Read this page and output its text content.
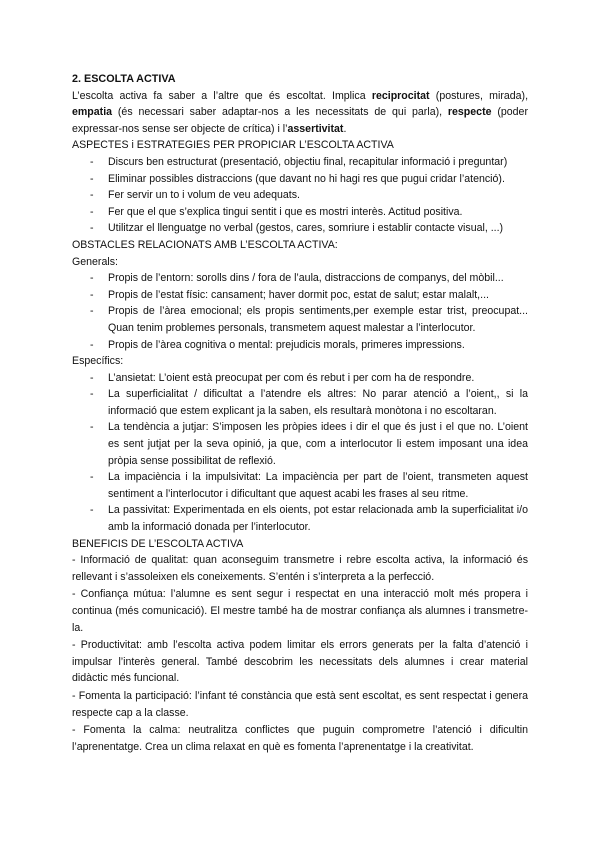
2. ESCOLTA ACTIVA

L’escolta activa fa saber a l’altre que és escoltat. Implica reciprocitat (postures, mirada), empatia (és necessari saber adaptar-nos a les necessitats de qui parla), respecte (poder expressar-nos sense ser objecte de crítica) i l’assertivitat.

ASPECTES i ESTRATEGIES PER PROPICIAR L’ESCOLTA ACTIVA

- Discurs ben estructurat (presentació, objectiu final, recapitular informació i preguntar)
- Eliminar possibles distraccions (que davant no hi hagi res que pugui cridar l’atenció).
- Fer servir un to i volum de veu adequats.
- Fer que el que s’explica tingui sentit i que es mostri interès. Actitud positiva.
- Utilitzar el llenguatge no verbal (gestos, cares, somriure i establir contacte visual, ...)

OBSTACLES RELACIONATS AMB L’ESCOLTA ACTIVA:

Generals:

- Propis de l’entorn: sorolls dins / fora de l’aula, distraccions de companys, del mòbil...
- Propis de l’estat físic: cansament; haver dormit poc, estat de salut; estar malalt,...
- Propis de l’àrea emocional; els propis sentiments,per exemple estar trist, preocupat... Quan tenim problemes personals, transmetem aquest malestar a l’interlocutor.
- Propis de l’àrea cognitiva o mental: prejudicis morals, primeres impressions.

Específics:

- L’ansietat: L’oient està preocupat per com és rebut i per com ha de respondre.
- La superficialitat / dificultat a l’atendre els altres: No parar atenció a l’oient,, si la informació que estem explicant ja la saben, els resultarà monòtona i no escoltaran.
- La tendència a jutjar: S’imposen les pròpies idees i dir el que és just i el que no. L’oient es sent jutjat per la seva opinió, ja que, com a interlocutor li estem imposant una idea pròpia sense possibilitat de reflexió.
- La impaciència i la impulsivitat: La impaciència per part de l’oient, transmeten aquest sentiment a l’interlocutor i dificultant que aquest acabi les frases al seu ritme.
- La passivitat: Experimentada en els oients, pot estar relacionada amb la superficialitat i/o amb la informació donada per l’interlocutor.

BENEFICIS DE L’ESCOLTA ACTIVA

- Informació de qualitat: quan aconseguim transmetre i rebre escolta activa, la informació és rellevant i s’assoleixen els coneixements. S’entén i s’interpreta a la perfecció.

- Confiança mútua: l’alumne es sent segur i respectat en una interacció molt més propera i continua (més comunicació). El mestre també ha de mostrar confiança als alumnes i transmetre-la.

- Productivitat: amb l’escolta activa podem limitar els errors generats per la falta d’atenció i impulsar l’interès general. També descobrim les necessitats dels alumnes i crear material didàctic més funcional.

- Fomenta la participació: l’infant té constància que està sent escoltat, es sent respectat i genera respecte cap a la classe.

- Fomenta la calma: neutralitza conflictes que puguin comprometre l’atenció i dificultin l’aprenentatge. Crea un clima relaxat en què es fomenta l’aprenentatge i la creativitat.
